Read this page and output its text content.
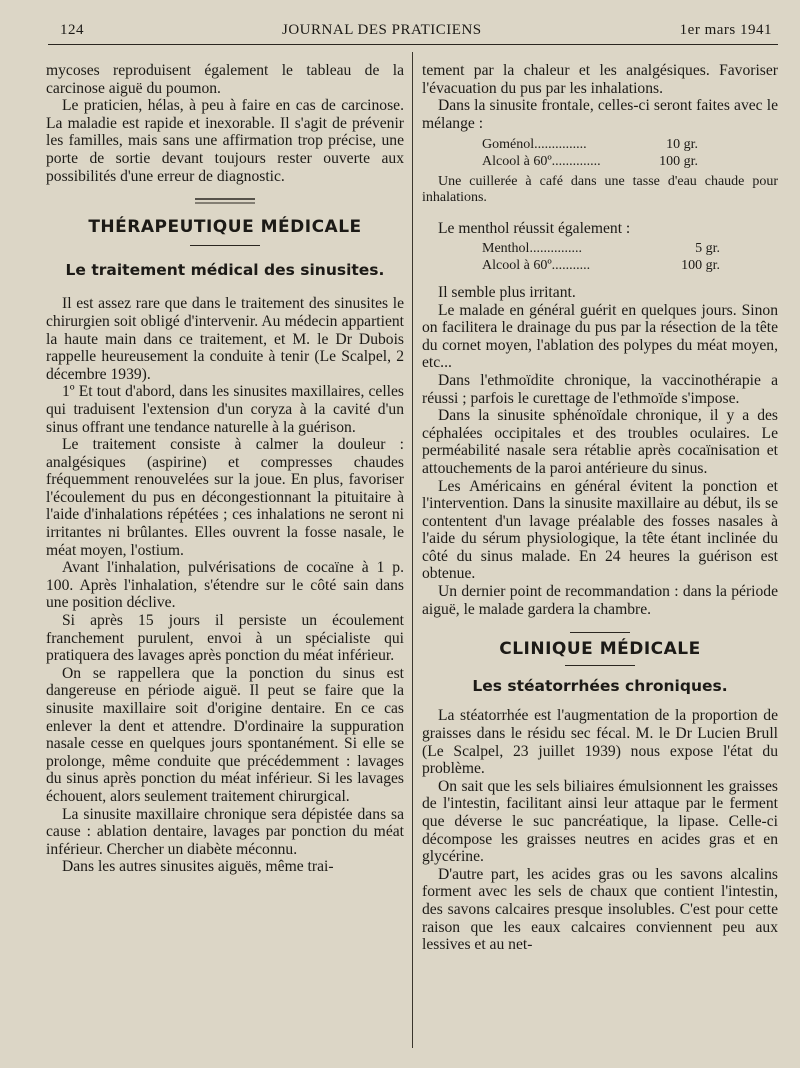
124	JOURNAL DES PRATICIENS	1er mars 1941

mycoses reproduisent également le tableau de la carcinose aiguë du poumon.

Le praticien, hélas, à peu à faire en cas de carcinose. La maladie est rapide et inexorable. Il s'agit de prévenir les familles, mais sans une affirmation trop précise, une porte de sortie devant toujours rester ouverte aux possibilités d'une erreur de diagnostic.

THÉRAPEUTIQUE MÉDICALE
Le traitement médical des sinusites.

Il est assez rare que dans le traitement des sinusites le chirurgien soit obligé d'intervenir. Au médecin appartient la haute main dans ce traitement, et M. le Dr Dubois rappelle heureusement la conduite à tenir (Le Scalpel, 2 décembre 1939).

1º Et tout d'abord, dans les sinusites maxillaires, celles qui traduisent l'extension d'un coryza à la cavité d'un sinus offrant une tendance naturelle à la guérison.

Le traitement consiste à calmer la douleur : analgésiques (aspirine) et compresses chaudes fréquemment renouvelées sur la joue. En plus, favoriser l'écoulement du pus en décongestionnant la pituitaire à l'aide d'inhalations répétées ; ces inhalations ne seront ni irritantes ni brûlantes. Elles ouvrent la fosse nasale, le méat moyen, l'ostium.

Avant l'inhalation, pulvérisations de cocaïne à 1 p. 100. Après l'inhalation, s'étendre sur le côté sain dans une position déclive.

Si après 15 jours il persiste un écoulement franchement purulent, envoi à un spécialiste qui pratiquera des lavages après ponction du méat inférieur.

On se rappellera que la ponction du sinus est dangereuse en période aiguë. Il peut se faire que la sinusite maxillaire soit d'origine dentaire. En ce cas enlever la dent et attendre. D'ordinaire la suppuration nasale cesse en quelques jours spontanément. Si elle se prolonge, même conduite que précédemment : lavages du sinus après ponction du méat inférieur. Si les lavages échouent, alors seulement traitement chirurgical.

La sinusite maxillaire chronique sera dépistée dans sa cause : ablation dentaire, lavages par ponction du méat inférieur. Chercher un diabète méconnu.

Dans les autres sinusites aiguës, même trai-

tement par la chaleur et les analgésiques. Favoriser l'évacuation du pus par les inhalations.

Dans la sinusite frontale, celles-ci seront faites avec le mélange :

Goménol...............	10 gr.
Alcool à 60º..............	100 gr.

Une cuillerée à café dans une tasse d'eau chaude pour inhalations.

Le menthol réussit également :

Menthol...............	5 gr.
Alcool à 60º...........	100 gr.

Il semble plus irritant.

Le malade en général guérit en quelques jours. Sinon on facilitera le drainage du pus par la résection de la tête du cornet moyen, l'ablation des polypes du méat moyen, etc...

Dans l'ethmoïdite chronique, la vaccinothérapie a réussi ; parfois le curettage de l'ethmoïde s'impose.

Dans la sinusite sphénoïdale chronique, il y a des céphalées occipitales et des troubles oculaires. Le perméabilité nasale sera rétablie après cocaïnisation et attouchements de la paroi antérieure du sinus.

Les Américains en général évitent la ponction et l'intervention. Dans la sinusite maxillaire au début, ils se contentent d'un lavage préalable des fosses nasales à l'aide du sérum physiologique, la tête étant inclinée du côté du sinus malade. En 24 heures la guérison est obtenue.

Un dernier point de recommandation : dans la période aiguë, le malade gardera la chambre.

CLINIQUE MÉDICALE
Les stéatorrhées chroniques.

La stéatorrhée est l'augmentation de la proportion de graisses dans le résidu sec fécal. M. le Dr Lucien Brull (Le Scalpel, 23 juillet 1939) nous expose l'état du problème.

On sait que les sels biliaires émulsionnent les graisses de l'intestin, facilitant ainsi leur attaque par le ferment que déverse le suc pancréatique, la lipase. Celle-ci décompose les graisses neutres en acides gras et en glycérine.

D'autre part, les acides gras ou les savons alcalins forment avec les sels de chaux que contient l'intestin, des savons calcaires presque insolubles. C'est pour cette raison que les eaux calcaires conviennent peu aux lessives et au net-
